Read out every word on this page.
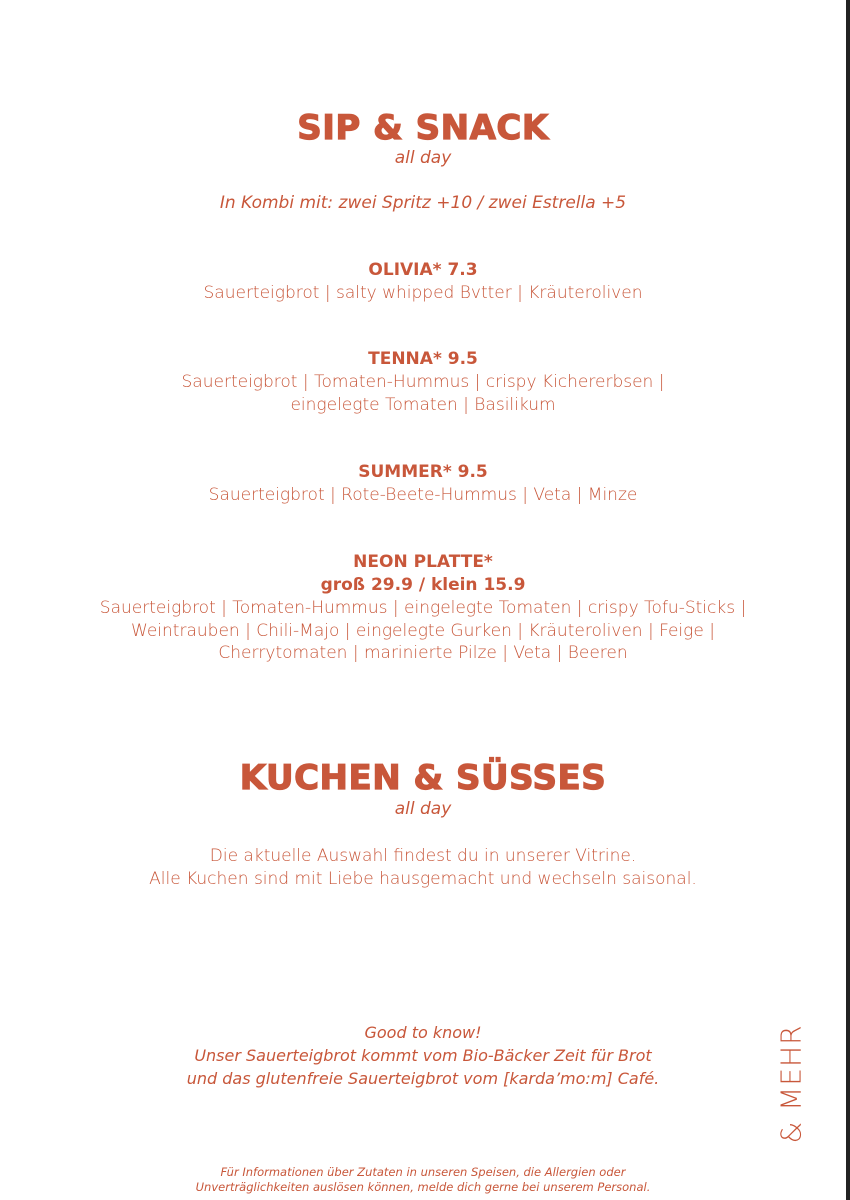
SIP & SNACK
all day
In Kombi mit: zwei Spritz +10 / zwei Estrella +5
OLIVIA* 7.3
Sauerteigbrot | salty whipped Bvtter | Kräuteroliven
TENNA* 9.5
Sauerteigbrot | Tomaten-Hummus | crispy Kichererbsen |
eingelegte Tomaten | Basilikum
SUMMER* 9.5
Sauerteigbrot | Rote-Beete-Hummus | Veta | Minze
NEON PLATTE*
groß 29.9 / klein 15.9
Sauerteigbrot | Tomaten-Hummus | eingelegte Tomaten | crispy Tofu-Sticks |
Weintrauben | Chili-Majo | eingelegte Gurken | Kräuteroliven | Feige |
Cherrytomaten | marinierte Pilze | Veta | Beeren
KUCHEN & SÜSSES
all day
Die aktuelle Auswahl findest du in unserer Vitrine.
Alle Kuchen sind mit Liebe hausgemacht und wechseln saisonal.
Good to know!
Unser Sauerteigbrot kommt vom Bio-Bäcker Zeit für Brot
und das glutenfreie Sauerteigbrot vom [karda’mo:m] Café.
Für Informationen über Zutaten in unseren Speisen, die Allergien oder
Unverträglichkeiten auslösen können, melde dich gerne bei unserem Personal.
& MEHR
